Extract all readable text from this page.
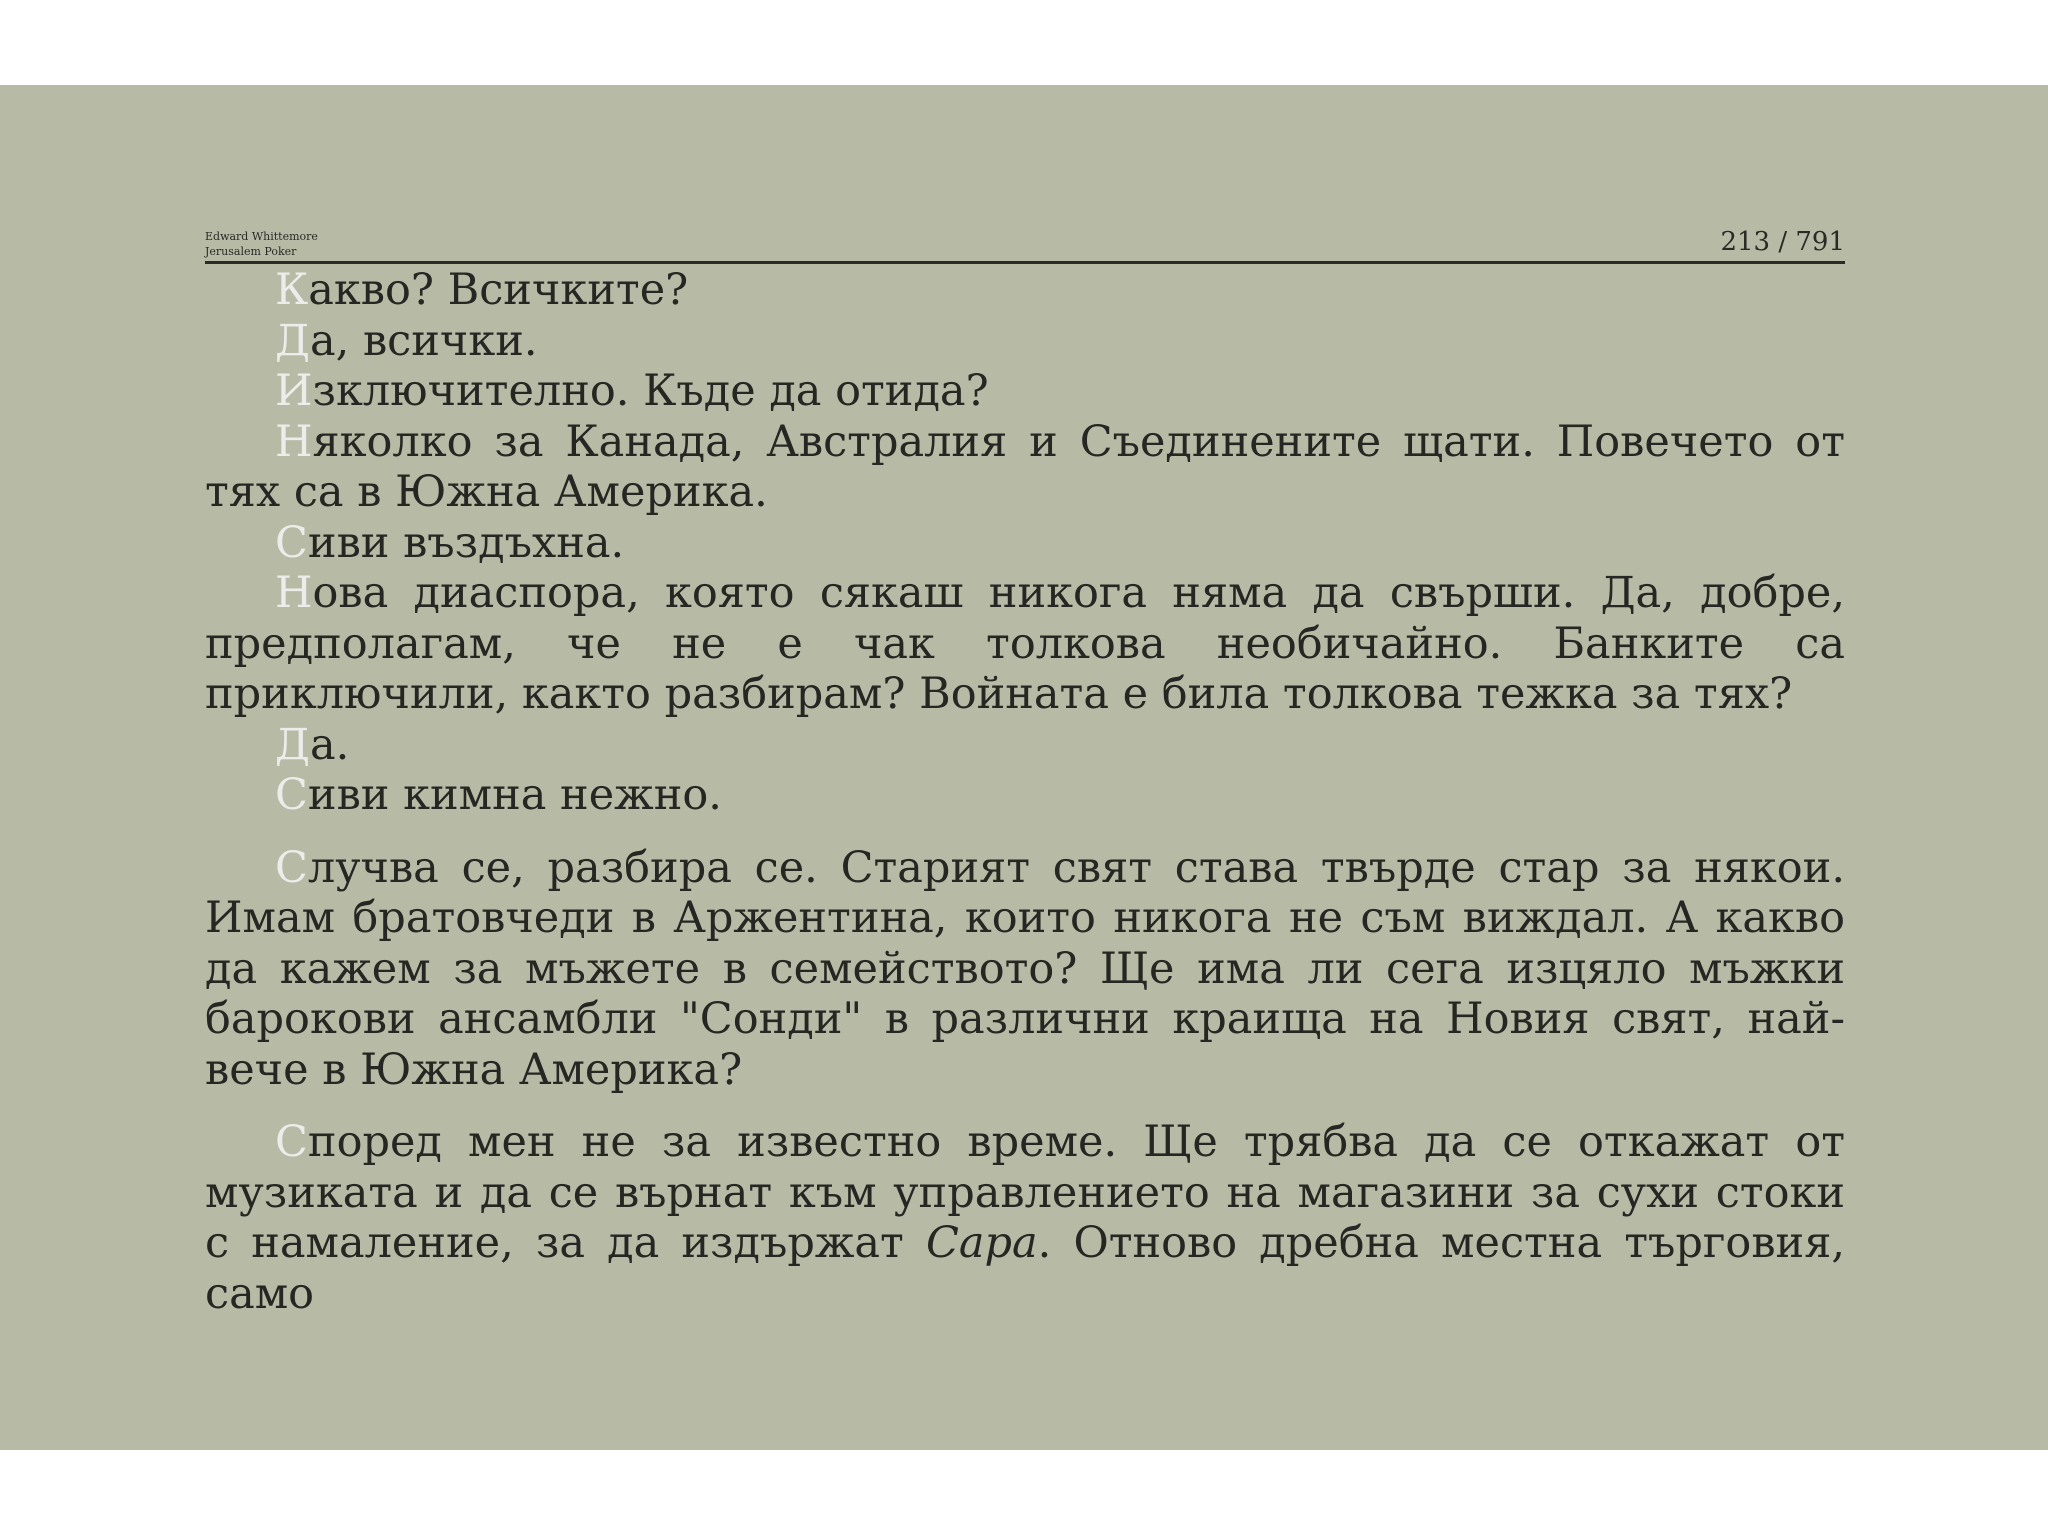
Edward Whittemore
Jerusalem Poker	213 / 791

Какво? Всичките?

Да, всички.

Изключително. Къде да отида?

Няколко за Канада, Австралия и Съединените щати. Повечето от тях са в Южна Америка.

Сиви въздъхна.

Нова диаспора, която сякаш никога няма да свърши. Да, добре, предполагам, че не е чак толкова необичайно. Банките са приключили, както разбирам? Войната е била толкова тежка за тях?

Да.

Сиви кимна нежно.

Случва се, разбира се. Старият свят става твърде стар за някои. Имам братовчеди в Аржентина, които никога не съм виждал. А какво да кажем за мъжете в семейството? Ще има ли сега изцяло мъжки барокови ансамбли "Сонди" в различни краища на Новия свят, най-вече в Южна Америка?

Според мен не за известно време. Ще трябва да се откажат от музиката и да се върнат към управлението на магазини за сухи стоки с намаление, за да издържат Сара. Отново дребна местна търговия, само
